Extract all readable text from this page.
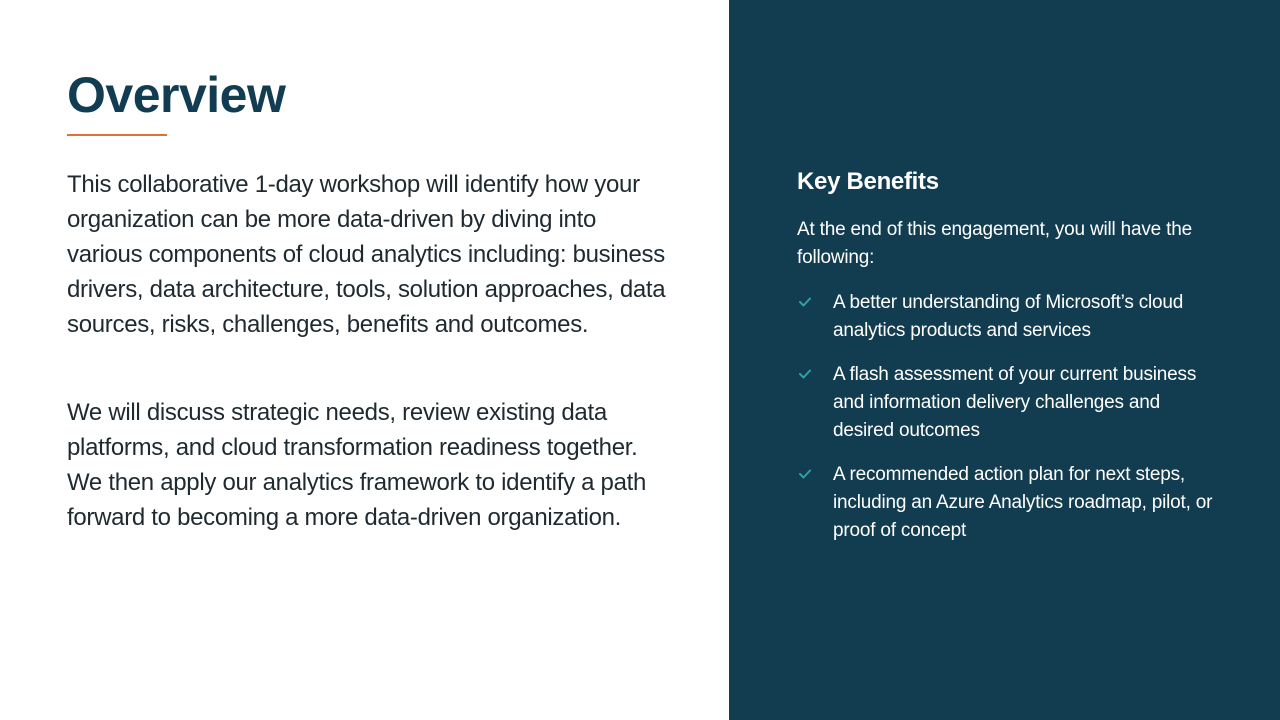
Overview

This collaborative 1-day workshop will identify how your organization can be more data-driven by diving into various components of cloud analytics including: business drivers, data architecture, tools, solution approaches, data sources, risks, challenges, benefits and outcomes.

We will discuss strategic needs, review existing data platforms, and cloud transformation readiness together. We then apply our analytics framework to identify a path forward to becoming a more data-driven organization.

Key Benefits

At the end of this engagement, you will have the following:

A better understanding of Microsoft’s cloud analytics products and services
A flash assessment of your current business and information delivery challenges and desired outcomes
A recommended action plan for next steps, including an Azure Analytics roadmap, pilot, or proof of concept
